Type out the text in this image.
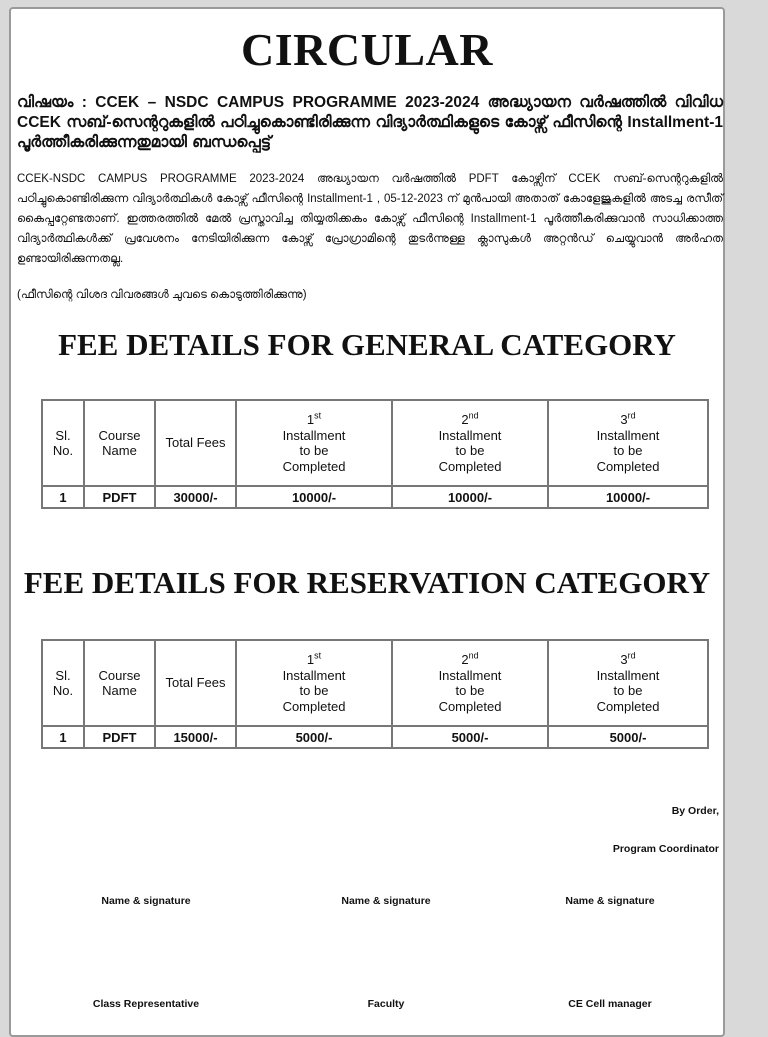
CIRCULAR
വിഷയം : CCEK – NSDC CAMPUS PROGRAMME 2023-2024 അദ്ധ്യായന വർഷത്തിൽ വിവിധ CCEK സബ്-സെന്ററുകളിൽ പഠിച്ചുകൊണ്ടിരിക്കുന്ന വിദ്യാർത്ഥികളുടെ കോഴ്സ് ഫീസിന്റെ Installment-1 പൂർത്തീകരിക്കുന്നതുമായി ബന്ധപ്പെട്ട്
CCEK-NSDC CAMPUS PROGRAMME 2023-2024 അദ്ധ്യായന വർഷത്തിൽ PDFT കോഴ്സിന് CCEK സബ്-സെന്ററുകളിൽ പഠിച്ചുകൊണ്ടിരിക്കുന്ന വിദ്യാർത്ഥികൾ കോഴ്സ് ഫീസിന്റെ Installment-1 , 05-12-2023 ന് മുൻപായി അതാത് കോളേജുകളിൽ അടച്ച രസീത് കൈപ്പറ്റേണ്ടതാണ്. ഇത്തരത്തിൽ മേൽ പ്രസ്താവിച്ച തിയ്യതിക്കകം കോഴ്സ് ഫീസിന്റെ Installment-1 പൂർത്തീകരിക്കുവാൻ സാധിക്കാത്ത വിദ്യാർത്ഥികൾക്ക് പ്രവേശനം നേടിയിരിക്കുന്ന കോഴ്സ് പ്രോഗ്രാമിന്റെ തുടർന്നുള്ള ക്ലാസുകൾ അറ്റൻഡ് ചെയ്യുവാൻ അർഹത ഉണ്ടായിരിക്കുന്നതല്ല.
(ഫീസിന്റെ വിശദ വിവരങ്ങൾ ചുവടെ കൊടുത്തിരിക്കുന്നു)
FEE DETAILS FOR GENERAL CATEGORY
Sl.
No.	Course
Name	Total Fees	1st
Installment
to be
Completed	2nd
Installment
to be
Completed	3rd
Installment
to be
Completed
1	PDFT	30000/-	10000/-	10000/-	10000/-
FEE DETAILS FOR RESERVATION CATEGORY
Sl.
No.	Course
Name	Total Fees	1st
Installment
to be
Completed	2nd
Installment
to be
Completed	3rd
Installment
to be
Completed
1	PDFT	15000/-	5000/-	5000/-	5000/-
By Order,
Program Coordinator
Name & signature	Name & signature	Name & signature
Class Representative	Faculty	CE Cell manager
